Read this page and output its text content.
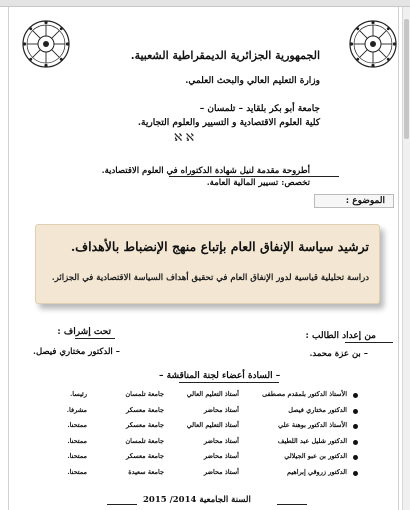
الجمهورية الجزائرية الديمقراطية الشعبية.
وزارة التعليم العالي والبحث العلمي.
جامعة أبو بكر بلقايد – تلمسان –
كلية العلوم الاقتصادية و التسيير والعلوم التجارية.
ℵ ℵ
أطروحة مقدمة لنيل شهادة الدكتوراه في العلوم الاقتصادية.
تخصص: تسيير المالية العامة.
الموضوع :
ترشيد سياسة الإنفاق العام بإتباع منهج الإنضباط بالأهداف.
دراسة تحليلية قياسية لدور الإنفاق العام في تحقيق أهداف السياسة الاقتصادية في الجزائر.
من إعداد الطالب :
– بن عزة محمد.
تحت إشراف :
– الدكتور مختاري فيصل.
– السادة أعضاء لجنة المناقشة –
الأستاذ الدكتور بلمقدم مصطفى
أستاذ التعليم العالي
جامعة تلمسان
رئيسا.
الدكتور مختاري فيصل
أستاذ محاضر
جامعة معسكر
مشرفا.
الأستاذ الدكتور بوهنة علي
أستاذ التعليم العالي
جامعة معسكر
ممتحنا.
الدكتور شليل عبد اللطيف
أستاذ محاضر
جامعة تلمسان
ممتحنا.
الدكتور بن عبو الجيلالي
أستاذ محاضر
جامعة معسكر
ممتحنا.
الدكتور زروقي إبراهيم
أستاذ محاضر
جامعة سعيدة
ممتحنا.
السنة الجامعية 2014/ 2015
